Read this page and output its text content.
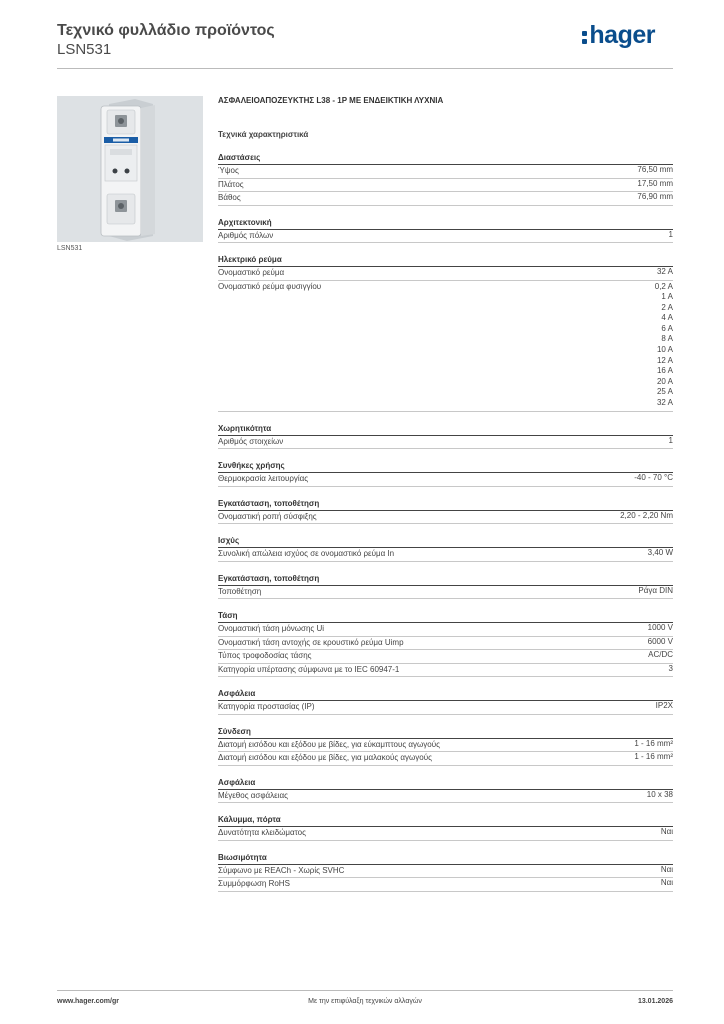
Τεχνικό φυλλάδιο προϊόντος
LSN531
hager
LSN531
ΑΣΦΑΛΕΙΟΑΠΟΖΕΥΚΤΗΣ L38 - 1P ΜΕ ΕΝΔΕΙΚΤΙΚΗ ΛΥΧΝΙΑ
Τεχνικά χαρακτηριστικά
Διαστάσεις
Ύψος	76,50 mm
Πλάτος	17,50 mm
Βάθος	76,90 mm
Αρχιτεκτονική
Αριθμός πόλων	1
Ηλεκτρικό ρεύμα
Ονομαστικό ρεύμα	32 A
Ονομαστικό ρεύμα φυσιγγίου	0,2 A
1 A
2 A
4 A
6 A
8 A
10 A
12 A
16 A
20 A
25 A
32 A
Χωρητικότητα
Αριθμός στοιχείων	1
Συνθήκες χρήσης
Θερμοκρασία λειτουργίας	-40 - 70 °C
Εγκατάσταση, τοποθέτηση
Ονομαστική ροπή σύσφιξης	2,20 - 2,20 Nm
Ισχύς
Συνολική απώλεια ισχύος σε ονομαστικό ρεύμα In	3,40 W
Εγκατάσταση, τοποθέτηση
Τοποθέτηση	Ράγα DIN
Τάση
Ονομαστική τάση μόνωσης Ui	1000 V
Ονομαστική τάση αντοχής σε κρουστικό ρεύμα Uimp	6000 V
Τύπος τροφοδοσίας τάσης	AC/DC
Κατηγορία υπέρτασης σύμφωνα με το IEC 60947-1	3
Ασφάλεια
Κατηγορία προστασίας (IP)	IP2X
Σύνδεση
Διατομή εισόδου και εξόδου με βίδες, για εύκαμπτους αγωγούς	1 - 16 mm²
Διατομή εισόδου και εξόδου με βίδες, για μαλακούς αγωγούς	1 - 16 mm²
Ασφάλεια
Μέγεθος ασφάλειας	10 x 38
Κάλυμμα, πόρτα
Δυνατότητα κλειδώματος	Ναι
Βιωσιμότητα
Σύμφωνο με REACh - Χωρίς SVHC	Ναι
Συμμόρφωση RoHS	Ναι
www.hager.com/gr	Με την επιφύλαξη τεχνικών αλλαγών	13.01.2026
